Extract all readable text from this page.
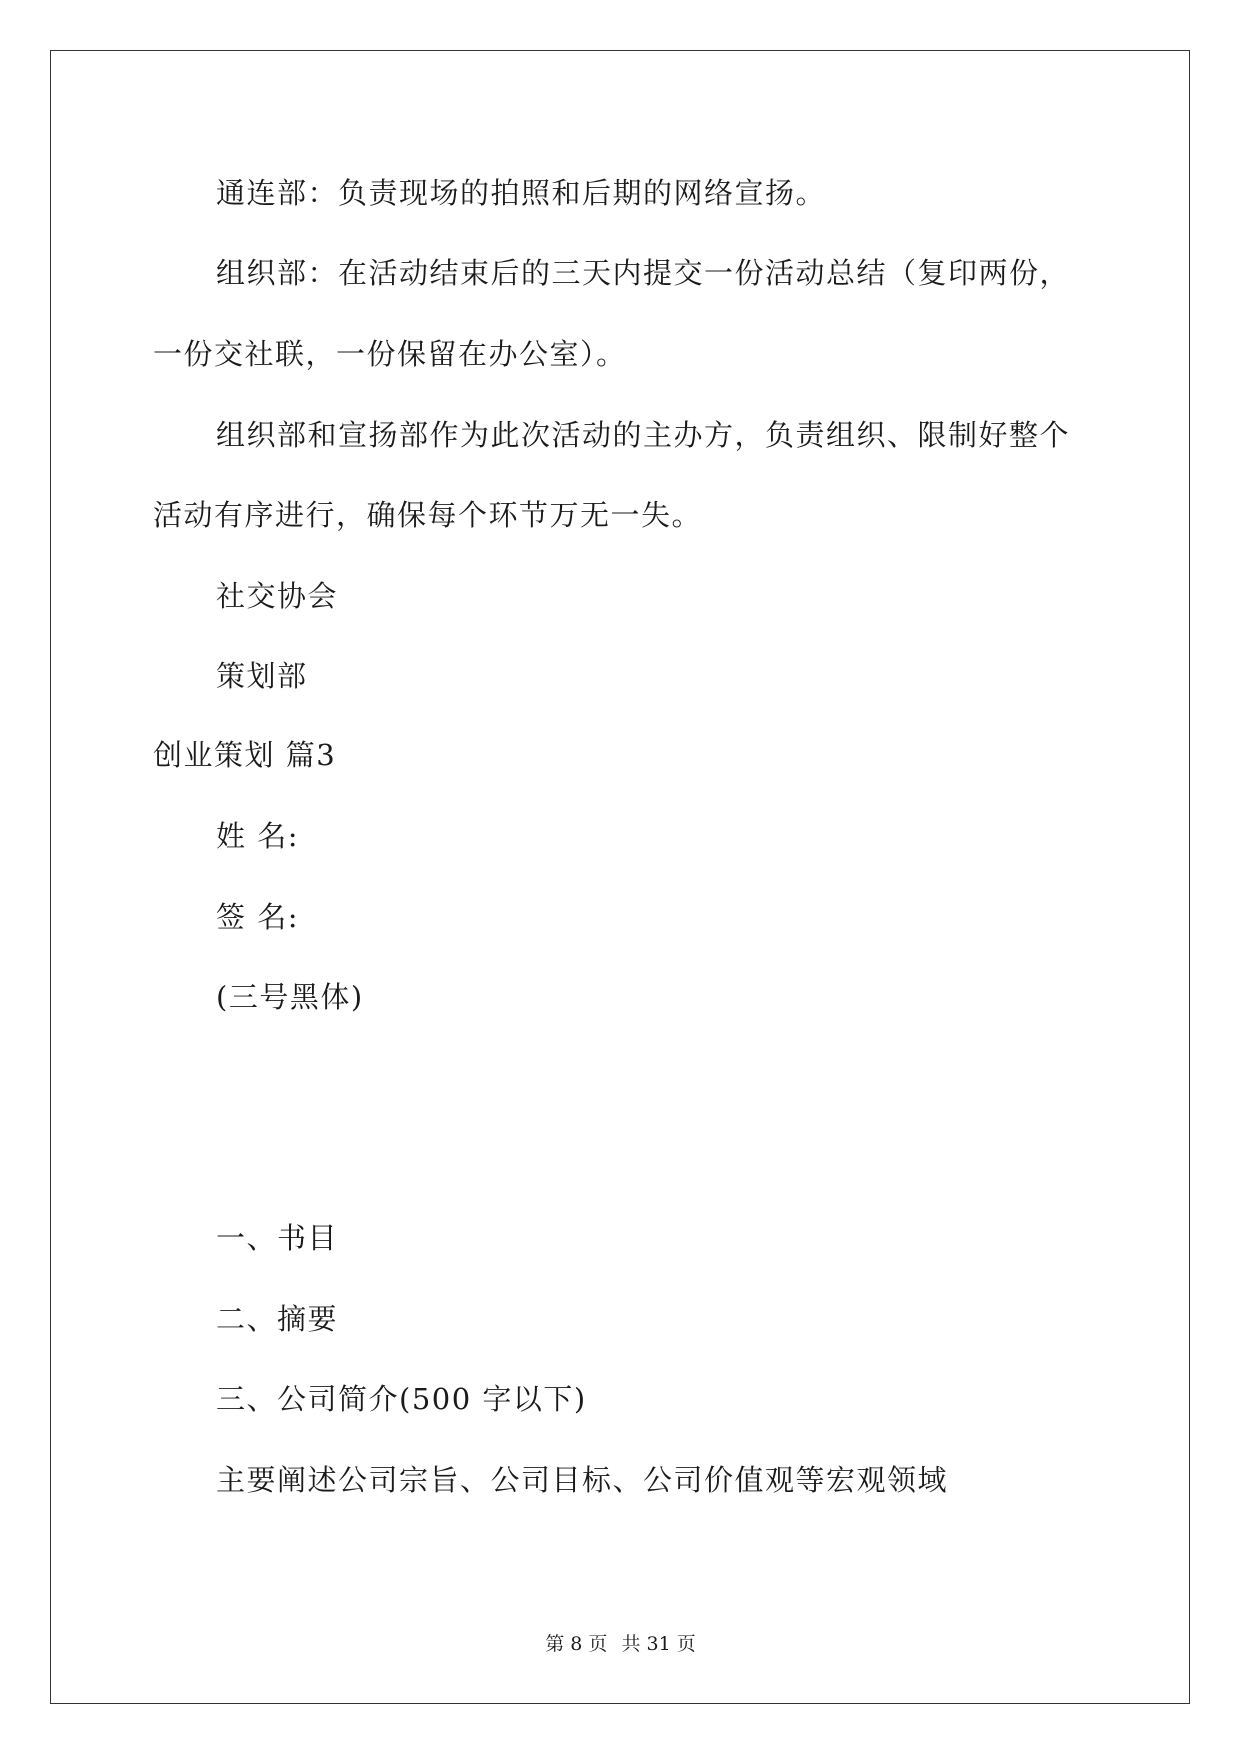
通连部：负责现场的拍照和后期的网络宣扬。
组织部：在活动结束后的三天内提交一份活动总结（复印两份，
一份交社联，一份保留在办公室）。
组织部和宣扬部作为此次活动的主办方，负责组织、限制好整个
活动有序进行，确保每个环节万无一失。
社交协会
策划部
创业策划 篇3
姓 名:
签 名:
(三号黑体)
一、书目
二、摘要
三、公司简介(500 字以下)
主要阐述公司宗旨、公司目标、公司价值观等宏观领域
第 8 页 共 31 页
